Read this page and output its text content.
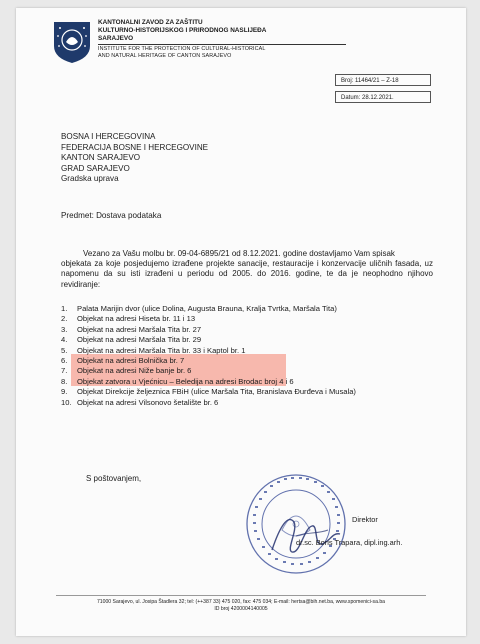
KANTONALNI ZAVOD ZA ZAŠTITU
KULTURNO-HISTORIJSKOG I PRIRODNOG NASLIJEĐA
SARAJEVO
INSTITUTE FOR THE PROTECTION OF CULTURAL-HISTORICAL
AND NATURAL HERITAGE OF CANTON SARAJEVO
Broj: 11464/21 – Z-18
Datum: 28.12.2021.
BOSNA I HERCEGOVINA
FEDERACIJA BOSNE I HERCEGOVINE
KANTON SARAJEVO
GRAD SARAJEVO
Gradska uprava
Predmet: Dostava podataka
Vezano za Vašu molbu br. 09-04-6895/21 od 8.12.2021. godine dostavljamo Vam spisak
objekata za koje posjedujemo izrađene projekte sanacije, restauracije i konzervacije uličnih fasada, uz napomenu da su isti izrađeni u periodu od 2005. do 2016. godine, te da je neophodno njihovo revidiranje:
1. Palata Marijin dvor (ulice Dolina, Augusta Brauna, Kralja Tvrtka, Maršala Tita)
2. Objekat na adresi Hiseta br. 11 i 13
3. Objekat na adresi Maršala Tita br. 27
4. Objekat na adresi Maršala Tita br. 29
5. Objekat na adresi Maršala Tita br. 33 i Kaptol br. 1
6. Objekat na adresi Bolnička br. 7
7. Objekat na adresi Niže banje br. 6
8. Objekat zatvora u Vjećnicu – Beledija na adresi Brodac broj 4 i 6
9. Objekat Direkcije željeznica FBiH (ulice Maršala Tita, Branislava Đurđeva i Musala)
10. Objekat na adresi Vilsonovo šetalište br. 6
S poštovanjem,
Direktor
dr.sc. Boris Trapara, dipl.ing.arh.
71000 Sarajevo, ul. Josipa Štadlera 32; tel: (++387 33) 475 020, fax: 475 034; E-mail: hertsa@bih.net.ba, www.spomenici-sa.ba
ID broj 4200004140005
